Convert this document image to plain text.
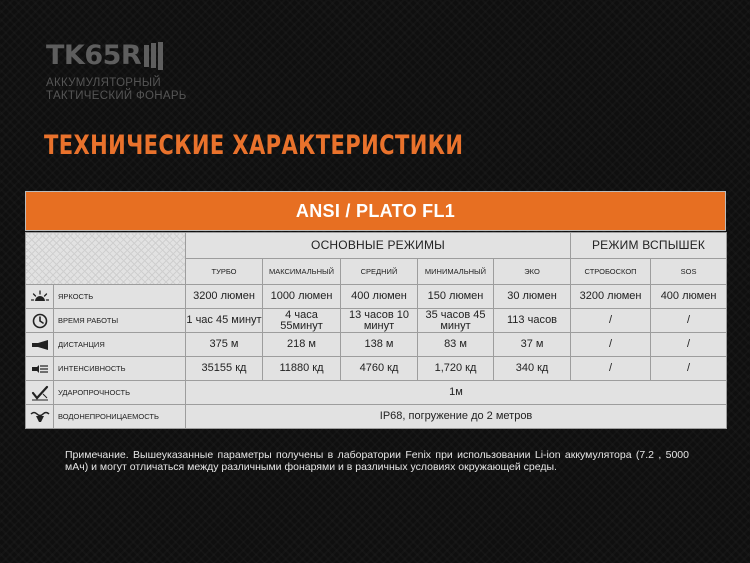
TK65R
АККУМУЛЯТОРНЫЙ
ТАКТИЧЕСКИЙ ФОНАРЬ
ТЕХНИЧЕСКИЕ ХАРАКТЕРИСТИКИ
ANSI / PLATO FL1
		ОСНОВНЫЕ РЕЖИМЫ					РЕЖИМ ВСПЫШЕК	
		ТУРБО	МАКСИМАЛЬНЫЙ	СРЕДНИЙ	МИНИМАЛЬНЫЙ	ЭКО	СТРОБОСКОП	SOS

	ЯРКОСТЬ	3200 люмен	1000 люмен	400 люмен	150 люмен	30 люмен	3200 люмен	400 люмен

	ВРЕМЯ РАБОТЫ	1 час 45 минут	4 часа 55минут	13 часов 10 минут	35 часов 45 минут	113 часов	/	/

	ДИСТАНЦИЯ	375 м	218 м	138 м	83 м	37 м	/	/

	ИНТЕНСИВНОСТЬ	35155 кд	11880 кд	4760 кд	1,720 кд	340 кд	/	/

	УДАРОПРОЧНОСТЬ	1м						

	ВОДОНЕПРОНИЦАЕМОСТЬ	IP68, погружение до 2 метров						
Примечание. Вышеуказанные параметры получены в лаборатории Fenix при использовании Li-ion аккумулятора (7.2 , 5000 мАч) и могут отличаться между различными фонарями и в различных условиях окружающей среды.
